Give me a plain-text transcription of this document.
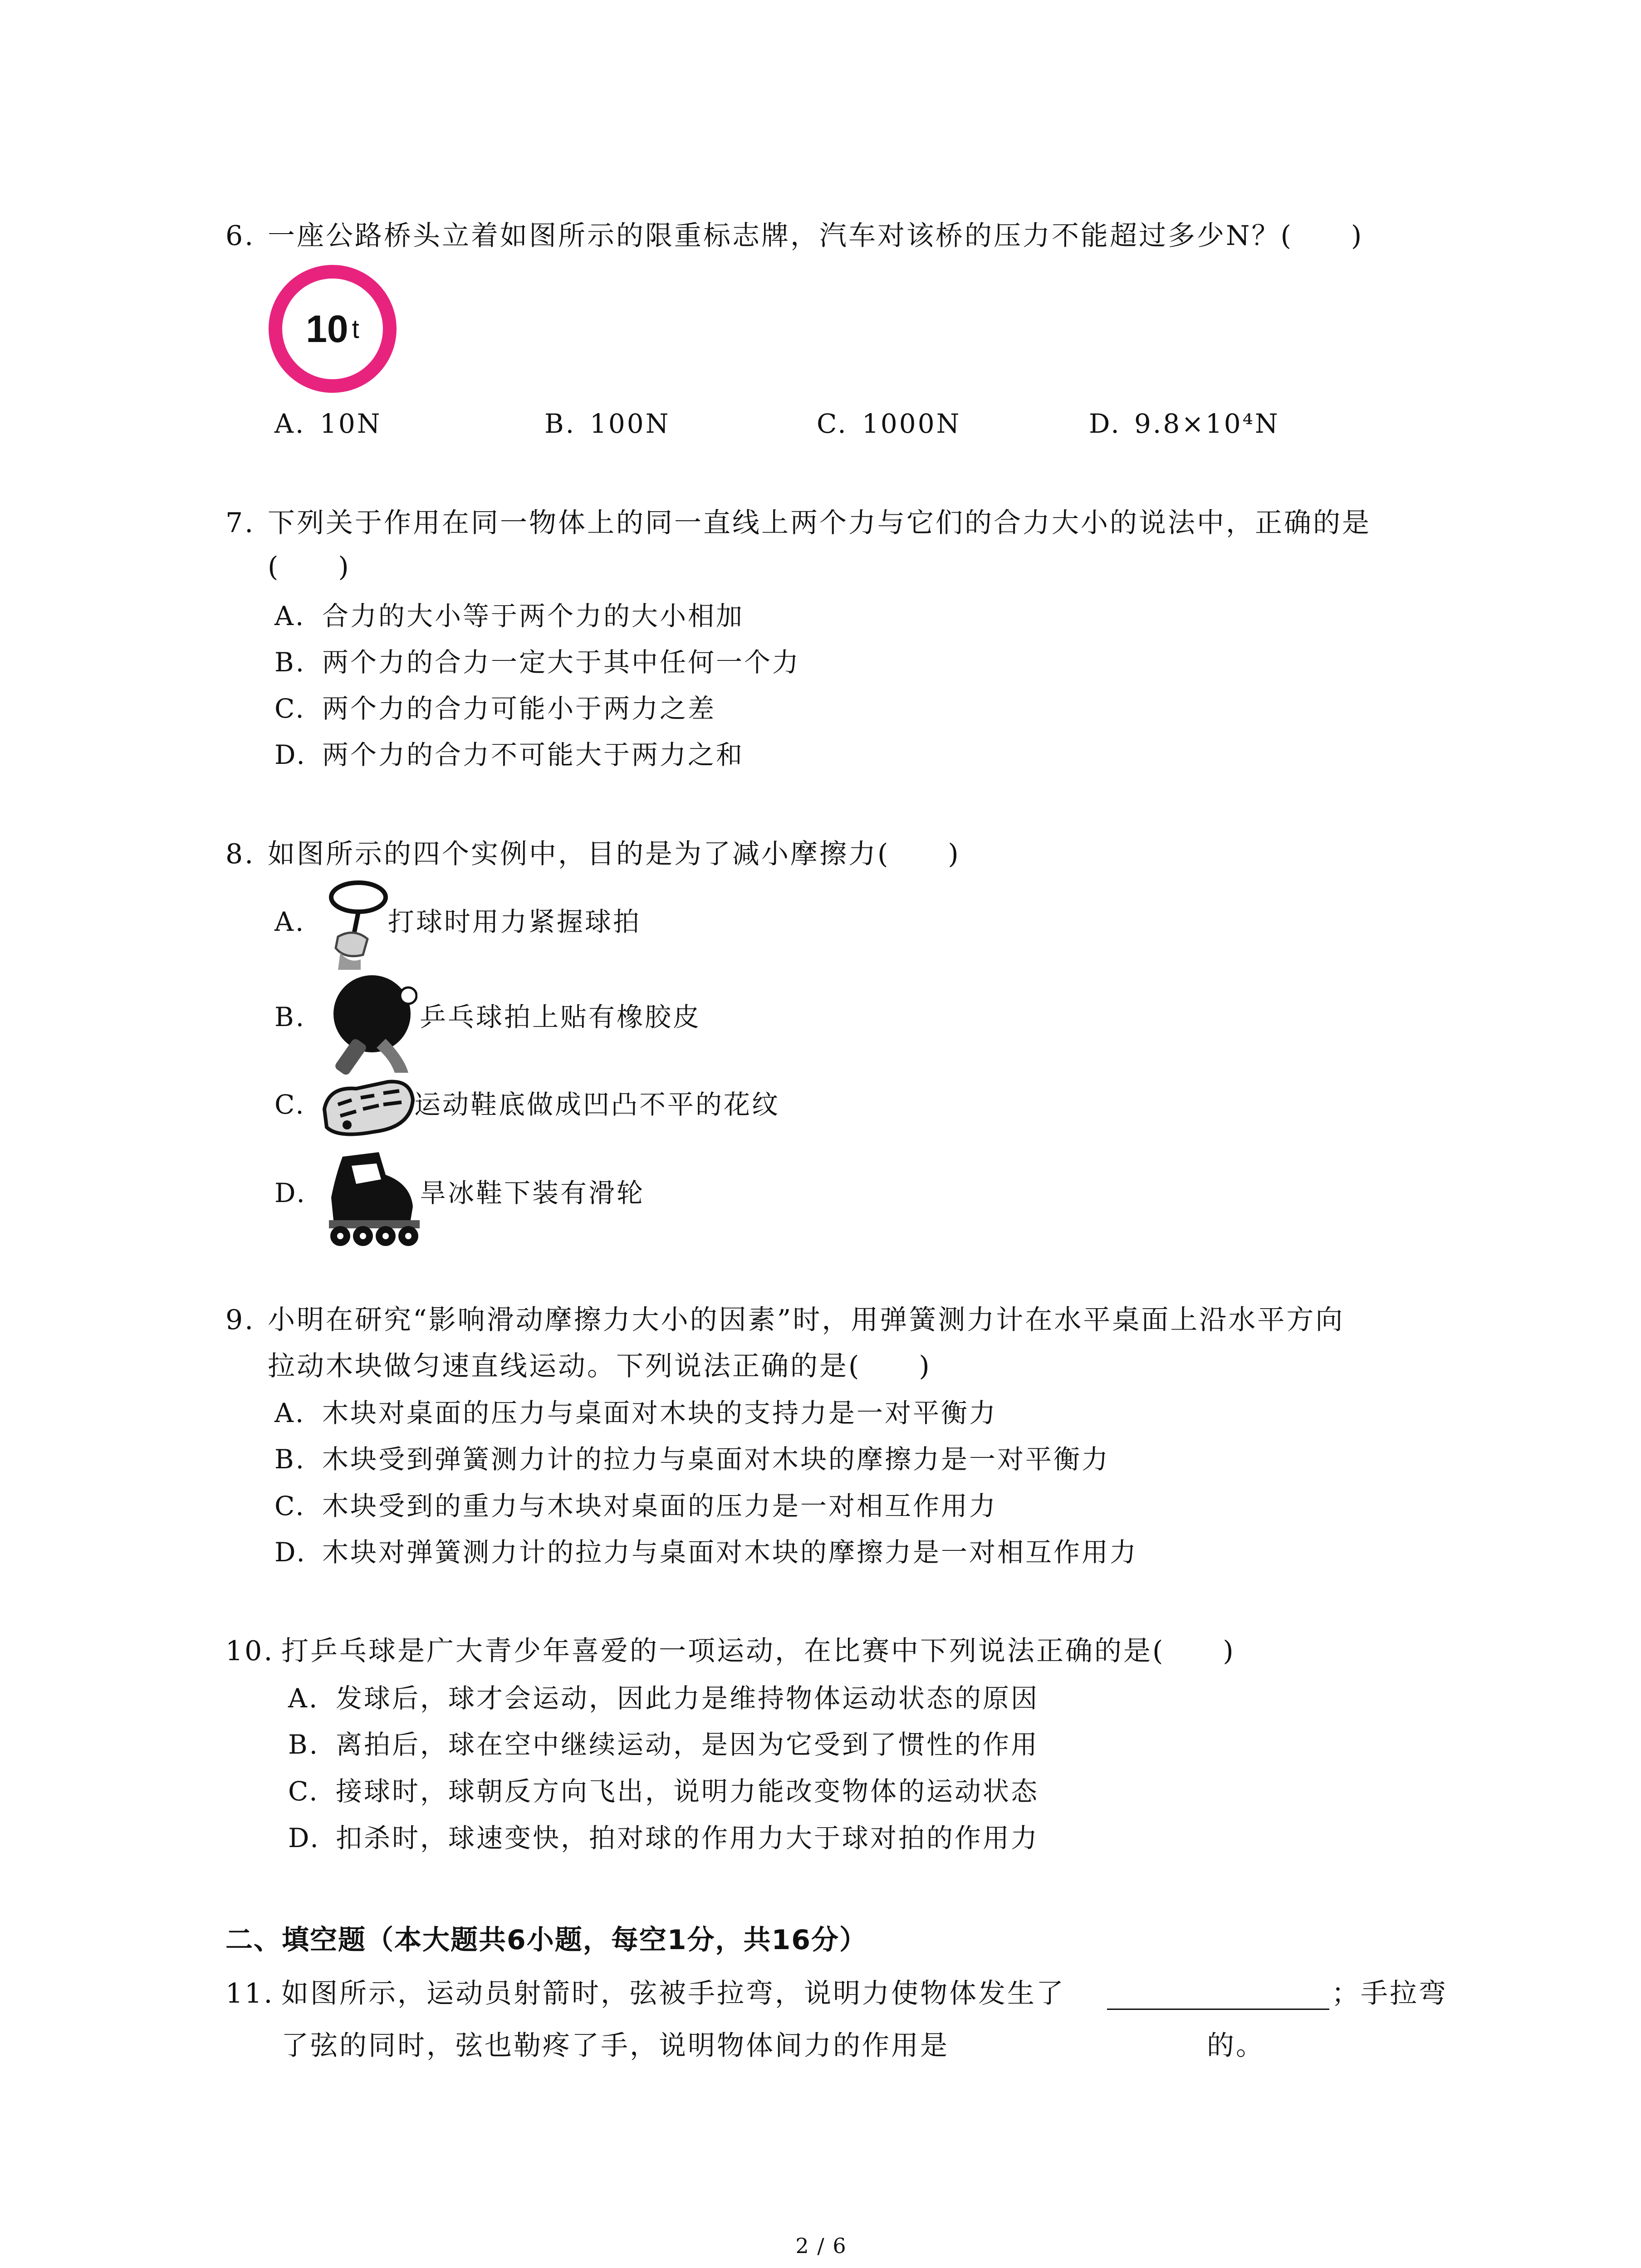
6. 一座公路桥头立着如图所示的限重标志牌，汽车对该桥的压力不能超过多少N？(　　)
10 t
A. 10N	B. 100N	C. 1000N	D. 9.8×10⁴N
7. 下列关于作用在同一物体上的同一直线上两个力与它们的合力大小的说法中，正确的是
(　　)
A. 合力的大小等于两个力的大小相加
B. 两个力的合力一定大于其中任何一个力
C. 两个力的合力可能小于两力之差
D. 两个力的合力不可能大于两力之和
8. 如图所示的四个实例中，目的是为了减小摩擦力(　　)
A.	打球时用力紧握球拍
B.	乒乓球拍上贴有橡胶皮
C.	运动鞋底做成凹凸不平的花纹
D.	旱冰鞋下装有滑轮
9. 小明在研究“影响滑动摩擦力大小的因素”时，用弹簧测力计在水平桌面上沿水平方向
拉动木块做匀速直线运动。下列说法正确的是(　　)
A. 木块对桌面的压力与桌面对木块的支持力是一对平衡力
B. 木块受到弹簧测力计的拉力与桌面对木块的摩擦力是一对平衡力
C. 木块受到的重力与木块对桌面的压力是一对相互作用力
D. 木块对弹簧测力计的拉力与桌面对木块的摩擦力是一对相互作用力
10. 打乒乓球是广大青少年喜爱的一项运动，在比赛中下列说法正确的是(　　)
A. 发球后，球才会运动，因此力是维持物体运动状态的原因
B. 离拍后，球在空中继续运动，是因为它受到了惯性的作用
C. 接球时，球朝反方向飞出，说明力能改变物体的运动状态
D. 扣杀时，球速变快，拍对球的作用力大于球对拍的作用力
二、填空题（本大题共6小题，每空1分，共16分）
11. 如图所示，运动员射箭时，弦被手拉弯，说明力使物体发生了	；手拉弯
了弦的同时，弦也勒疼了手，说明物体间力的作用是	的。
2 / 6
